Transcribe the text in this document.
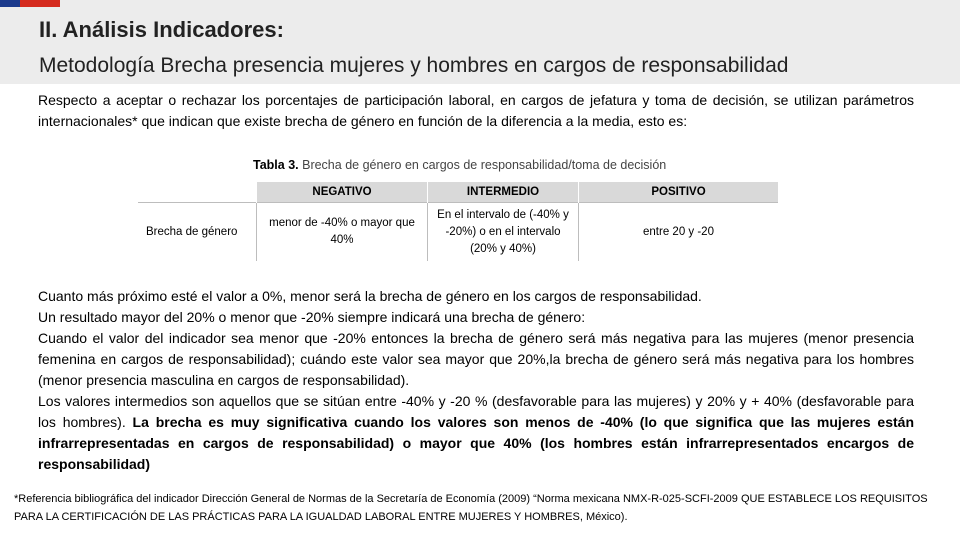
II. Análisis Indicadores:
Metodología Brecha presencia mujeres y hombres en cargos de responsabilidad
Respecto a aceptar o rechazar los porcentajes de participación laboral, en cargos de jefatura y toma de decisión, se utilizan parámetros internacionales* que indican que existe brecha de género en función de la diferencia a la media, esto es:
Tabla 3. Brecha de género en cargos de responsabilidad/toma de decisión
	NEGATIVO	INTERMEDIO	POSITIVO
Brecha de género	menor de -40% o mayor que 40%	En el intervalo de (-40% y -20%) o en el intervalo (20% y 40%)	entre 20 y -20
Cuanto más próximo esté el valor a 0%, menor será la brecha de género en los cargos de responsabilidad.
Un resultado mayor del 20% o menor que -20% siempre indicará una brecha de género:
Cuando el valor del indicador sea menor que -20% entonces la brecha de género será más negativa para las mujeres (menor presencia femenina en cargos de responsabilidad); cuándo este valor sea mayor que 20%,la brecha de género será más negativa para los hombres (menor presencia masculina en cargos de responsabilidad).
Los valores intermedios son aquellos que se sitúan entre -40% y -20 % (desfavorable para las mujeres) y 20% y + 40% (desfavorable para los hombres). La brecha es muy significativa cuando los valores son menos de -40% (lo que significa que las mujeres están infrarrepresentadas en cargos de responsabilidad) o mayor que 40% (los hombres están infrarrepresentados encargos de responsabilidad)
*Referencia bibliográfica del indicador Dirección General de Normas de la Secretaría de Economía (2009) “Norma mexicana NMX-R-025-SCFI-2009 QUE ESTABLECE LOS REQUISITOS PARA LA CERTIFICACIÓN DE LAS PRÁCTICAS PARA LA IGUALDAD LABORAL ENTRE MUJERES Y HOMBRES, México).
